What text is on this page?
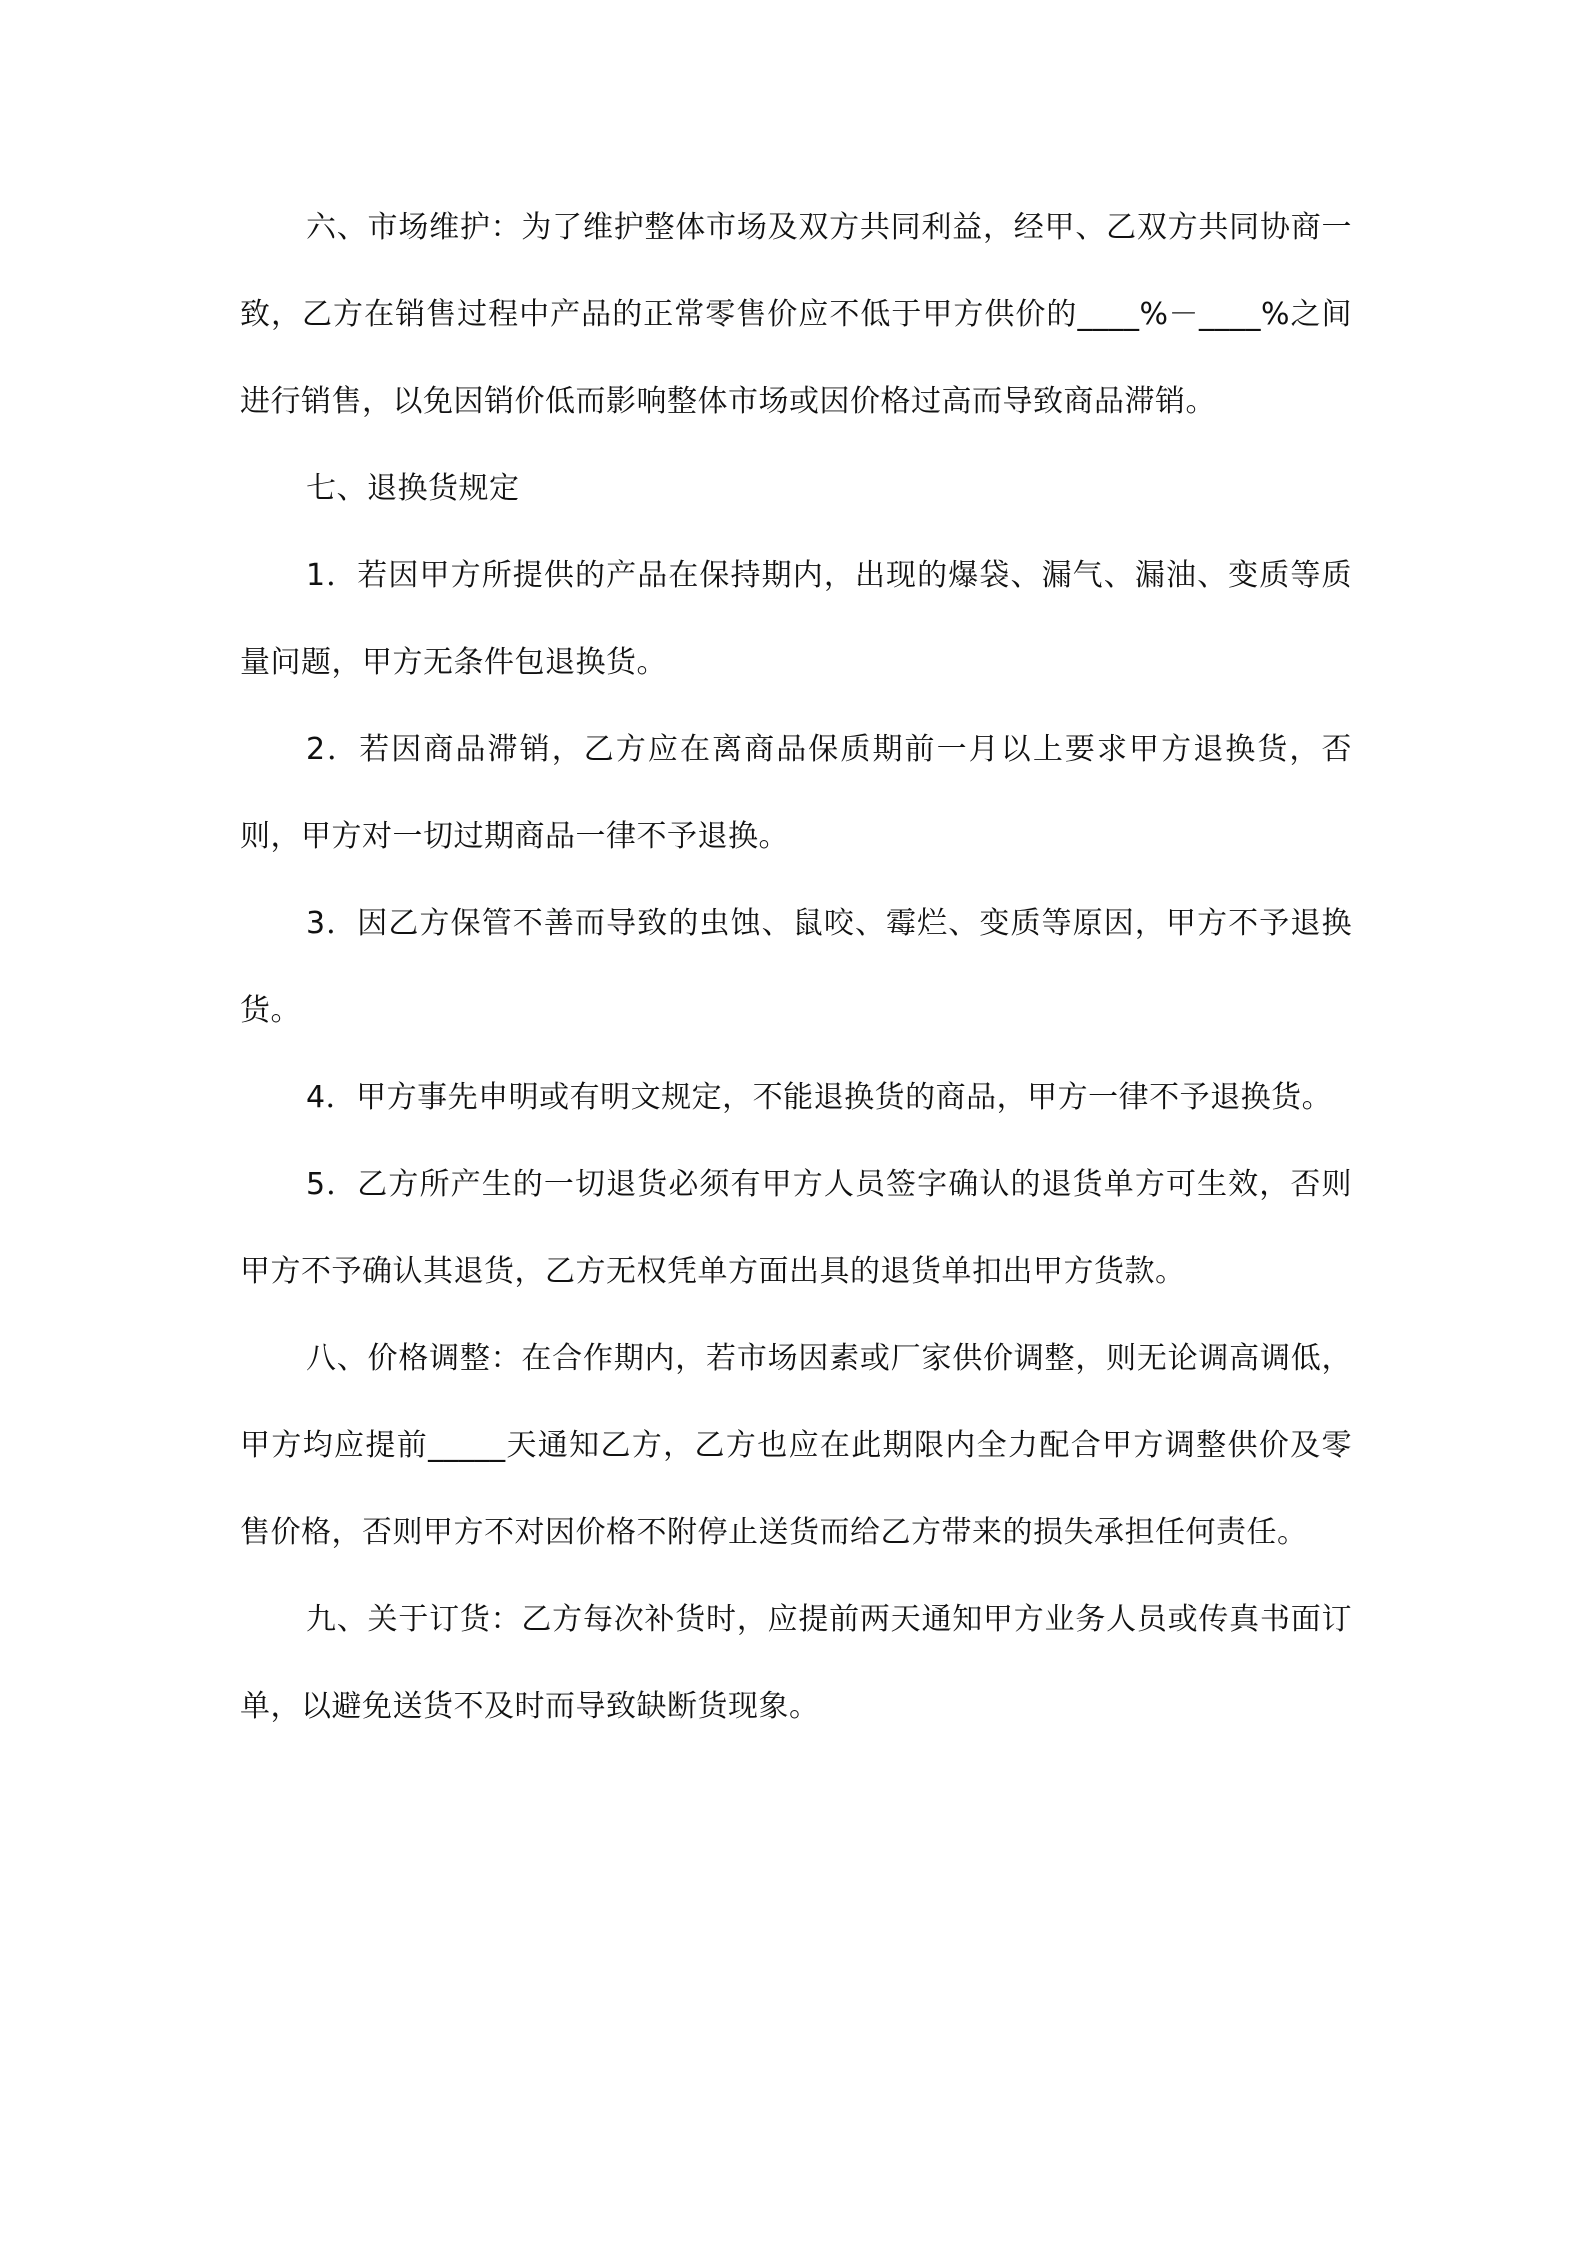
六、市场维护：为了维护整体市场及双方共同利益，经甲、乙双方共同协商一致，乙方在销售过程中产品的正常零售价应不低于甲方供价的____%－____%之间进行销售，以免因销价低而影响整体市场或因价格过高而导致商品滞销。

七、退换货规定

1．若因甲方所提供的产品在保持期内，出现的爆袋、漏气、漏油、变质等质量问题，甲方无条件包退换货。

2．若因商品滞销，乙方应在离商品保质期前一月以上要求甲方退换货，否则，甲方对一切过期商品一律不予退换。

3．因乙方保管不善而导致的虫蚀、鼠咬、霉烂、变质等原因，甲方不予退换货。

4．甲方事先申明或有明文规定，不能退换货的商品，甲方一律不予退换货。

5．乙方所产生的一切退货必须有甲方人员签字确认的退货单方可生效，否则甲方不予确认其退货，乙方无权凭单方面出具的退货单扣出甲方货款。

八、价格调整：在合作期内，若市场因素或厂家供价调整，则无论调高调低，甲方均应提前_____天通知乙方，乙方也应在此期限内全力配合甲方调整供价及零售价格，否则甲方不对因价格不附停止送货而给乙方带来的损失承担任何责任。

九、关于订货：乙方每次补货时，应提前两天通知甲方业务人员或传真书面订单，以避免送货不及时而导致缺断货现象。
